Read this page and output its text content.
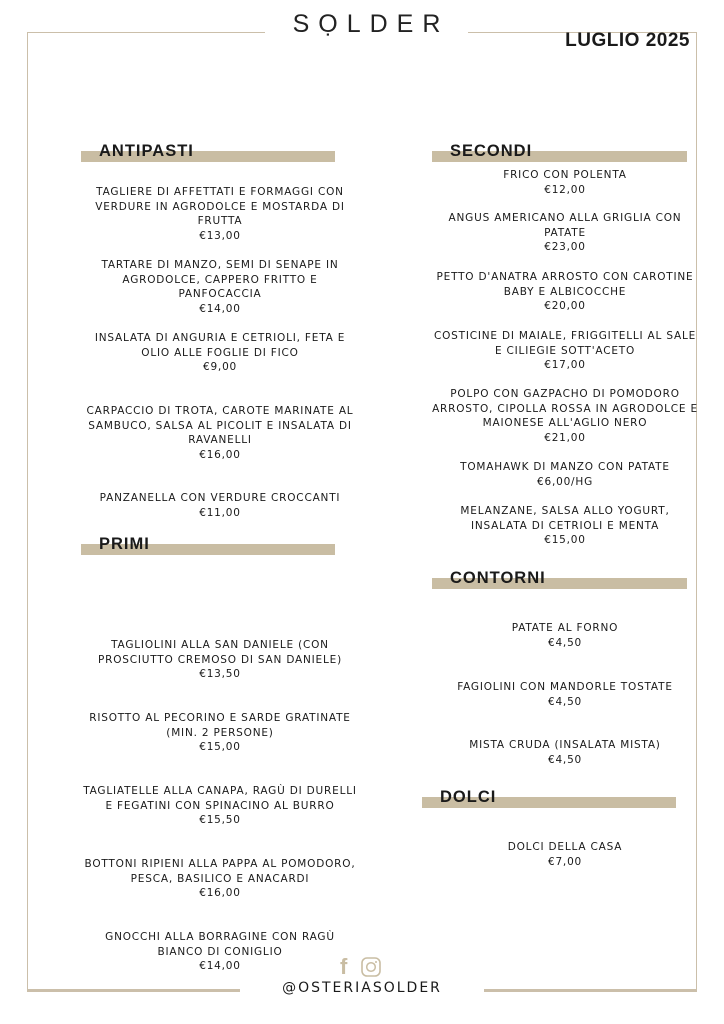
SỌLDER
LUGLIO 2025
ANTIPASTI
TAGLIERE DI AFFETTATI E FORMAGGI CON VERDURE IN AGRODOLCE E MOSTARDA DI FRUTTA
€13,00
TARTARE DI MANZO, SEMI DI SENAPE IN AGRODOLCE, CAPPERO FRITTO E PANFOCACCIA
€14,00
INSALATA DI ANGURIA E CETRIOLI, FETA E OLIO ALLE FOGLIE DI FICO
€9,00
CARPACCIO DI TROTA, CAROTE MARINATE AL SAMBUCO, SALSA AL PICOLIT E INSALATA DI RAVANELLI
€16,00
PANZANELLA CON VERDURE CROCCANTI
€11,00
PRIMI
TAGLIOLINI ALLA SAN DANIELE (CON PROSCIUTTO CREMOSO DI SAN DANIELE)
€13,50
RISOTTO AL PECORINO E SARDE GRATINATE (MIN. 2 PERSONE)
€15,00
TAGLIATELLE ALLA CANAPA, RAGÙ DI DURELLI E FEGATINI CON SPINACINO AL BURRO
€15,50
BOTTONI RIPIENI ALLA PAPPA AL POMODORO, PESCA, BASILICO E ANACARDI
€16,00
GNOCCHI ALLA BORRAGINE CON RAGÙ BIANCO DI CONIGLIO
€14,00
SECONDI
FRICO CON POLENTA
€12,00
ANGUS AMERICANO ALLA GRIGLIA CON PATATE
€23,00
PETTO D'ANATRA ARROSTO CON CAROTINE BABY E ALBICOCCHE
€20,00
COSTICINE DI MAIALE, FRIGGITELLI AL SALE E CILIEGIE SOTT'ACETO
€17,00
POLPO CON GAZPACHO DI POMODORO ARROSTO, CIPOLLA ROSSA IN AGRODOLCE E MAIONESE ALL'AGLIO NERO
€21,00
TOMAHAWK DI MANZO CON PATATE
€6,00/HG
MELANZANE, SALSA ALLO YOGURT, INSALATA DI CETRIOLI E MENTA
€15,00
CONTORNI
PATATE AL FORNO
€4,50
FAGIOLINI CON MANDORLE TOSTATE
€4,50
MISTA CRUDA (INSALATA MISTA)
€4,50
DOLCI
DOLCI DELLA CASA
€7,00
f
@OSTERIASOLDER
